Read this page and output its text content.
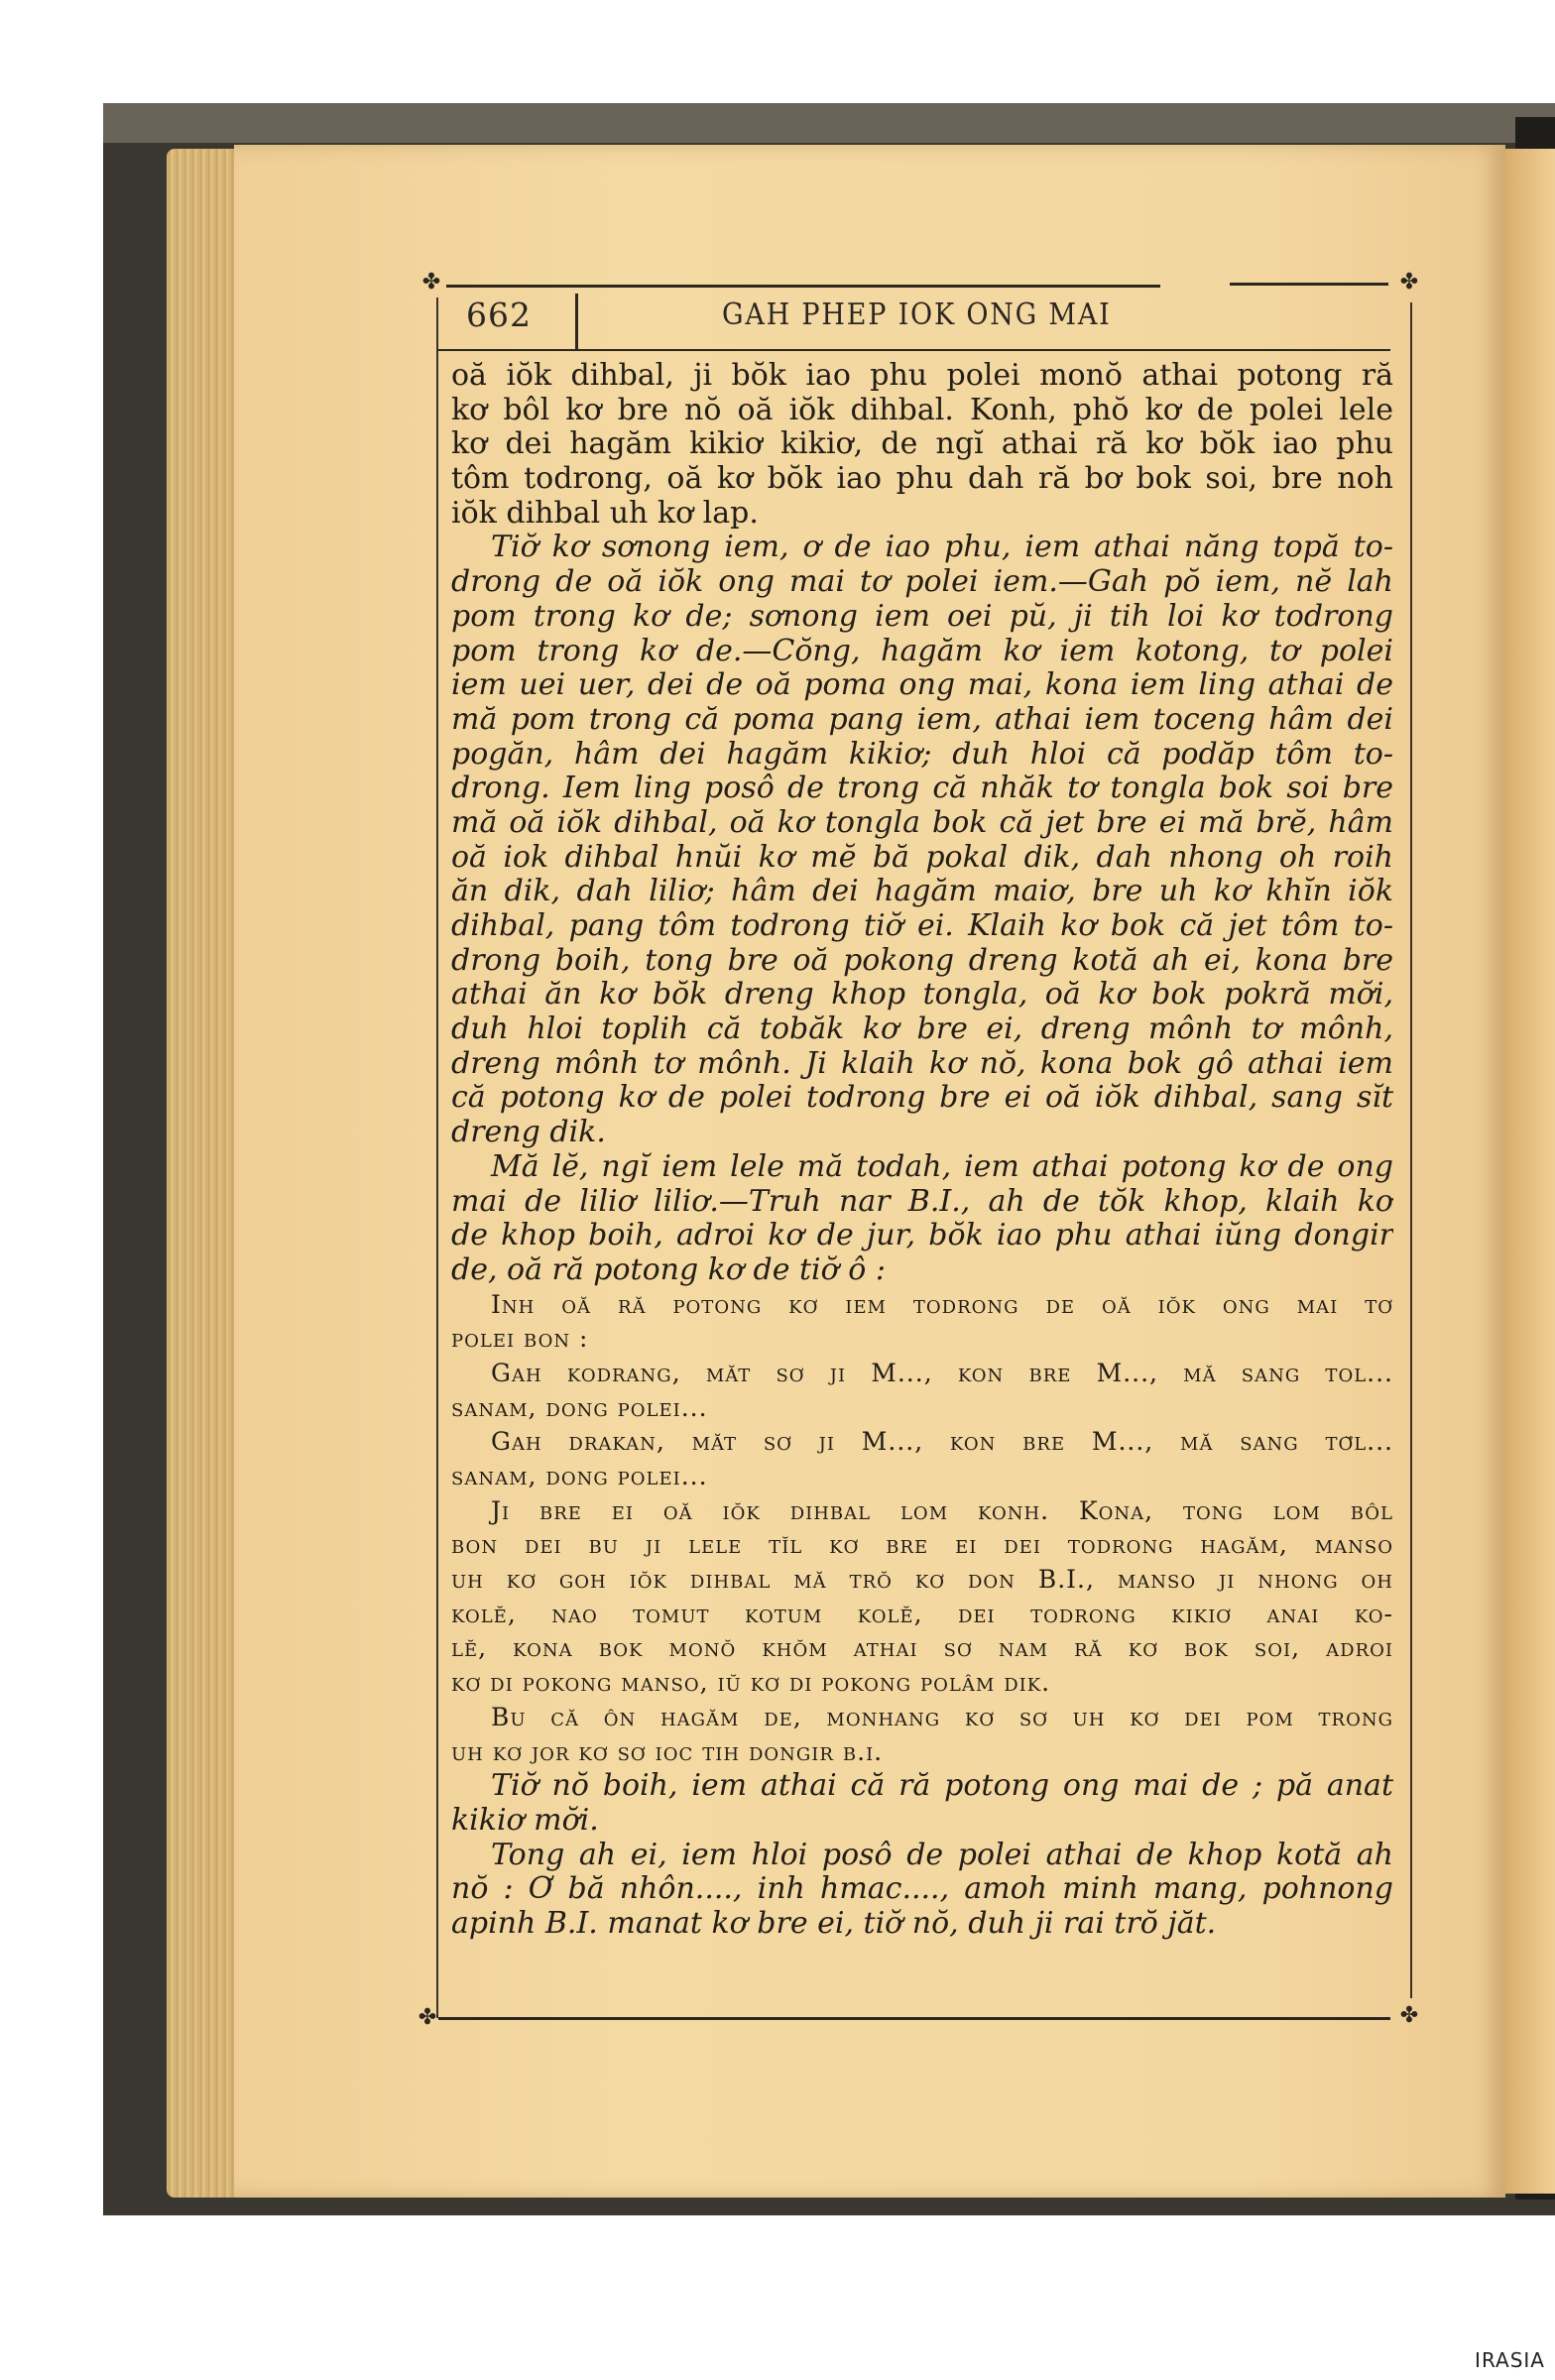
✤	✤
662	GAH PHEP IOK ONG MAI
oă iŏk dihbal, ji bŏk iao phu polei monŏ athai potong ră
kơ bôl kơ bre nŏ oă iŏk dihbal. Konh, phŏ kơ de polei lele
kơ dei hagăm kikiơ kikiơ, de ngĭ athai ră kơ bŏk iao phu
tôm todrong, oă kơ bŏk iao phu dah ră bơ bok soi, bre noh
iŏk dihbal uh kơ lap.
Tiơ̆ kơ sơnong iem, ơ de iao phu, iem athai năng topă to-
drong de oă iŏk ong mai tơ polei iem.—Gah pŏ iem, nĕ lah
pom trong kơ de; sơnong iem oei pŭ, ji tih loi kơ todrong
pom trong kơ de.—Cŏng, hagăm kơ iem kotong, tơ polei
iem uei uer, dei de oă poma ong mai, kona iem ling athai de
mă pom trong că poma pang iem, athai iem toceng hâm dei
pogăn, hâm dei hagăm kikiơ; duh hloi că podăp tôm to-
drong. Iem ling posô de trong că nhăk tơ tongla bok soi bre
mă oă iŏk dihbal, oă kơ tongla bok că jet bre ei mă brĕ, hâm
oă iok dihbal hnŭi kơ mĕ bă pokal dik, dah nhong oh roih
ăn dik, dah liliơ; hâm dei hagăm maiơ, bre uh kơ khĭn iŏk
dihbal, pang tôm todrong tiơ̆ ei. Klaih kơ bok că jet tôm to-
drong boih, tong bre oă pokong dreng kotă ah ei, kona bre
athai ăn kơ bŏk dreng khop tongla, oă kơ bok pokră mơ̆i,
duh hloi toplih că tobăk kơ bre ei, dreng mônh tơ mônh,
dreng mônh tơ mônh. Ji klaih kơ nŏ, kona bok gô athai iem
că potong kơ de polei todrong bre ei oă iŏk dihbal, sang sĭt
dreng dik.
Mă lĕ, ngĭ iem lele mă todah, iem athai potong kơ de ong
mai de liliơ liliơ.—Truh nar B.I., ah de tŏk khop, klaih kơ
de khop boih, adroi kơ de jur, bŏk iao phu athai iŭng dongir
de, oă ră potong kơ de tiơ̆ ô :
Inh oă ră potong kơ iem todrong de oă iŏk ong mai tơ
polei bon :
Gah kodrang, măt sơ ji M..., kon bre M..., mă sang tol...
sanam, dong polei...
Gah drakan, măt sơ ji M..., kon bre M..., mă sang tơ̆l...
sanam, dong polei...
Ji bre ei oă iŏk dihbal lom konh. Kona, tong lom bôl
bon dei bu ji lele tĭl kơ bre ei dei todrong hagăm, manso
uh kơ goh iŏk dihbal mă trŏ kơ don B.I., manso ji nhong oh
kolĕ, nao tomut kotum kolĕ, dei todrong kikiơ anai ko-
lĕ, kona bok monŏ khŏm athai sơ nam ră kơ bok soi, adroi
kơ di pokong manso, iŭ kơ di pokong polâm dik.
Bu că ôn hagăm de, monhang kơ sơ uh kơ dei pom trong
uh kơ jor kơ sơ ioc tih dongir b.i.
Tiơ̆ nŏ boih, iem athai că ră potong ong mai de ; pă anat
kikiơ mơ̆i.
Tong ah ei, iem hloi posô de polei athai de khop kotă ah
nŏ : Ơ bă nhôn...., inh hmac...., amoh minh mang, pohnong
apinh B.I. manat kơ bre ei, tiơ̆ nŏ, duh ji rai trŏ jăt.
✤	✤
IRASIA
